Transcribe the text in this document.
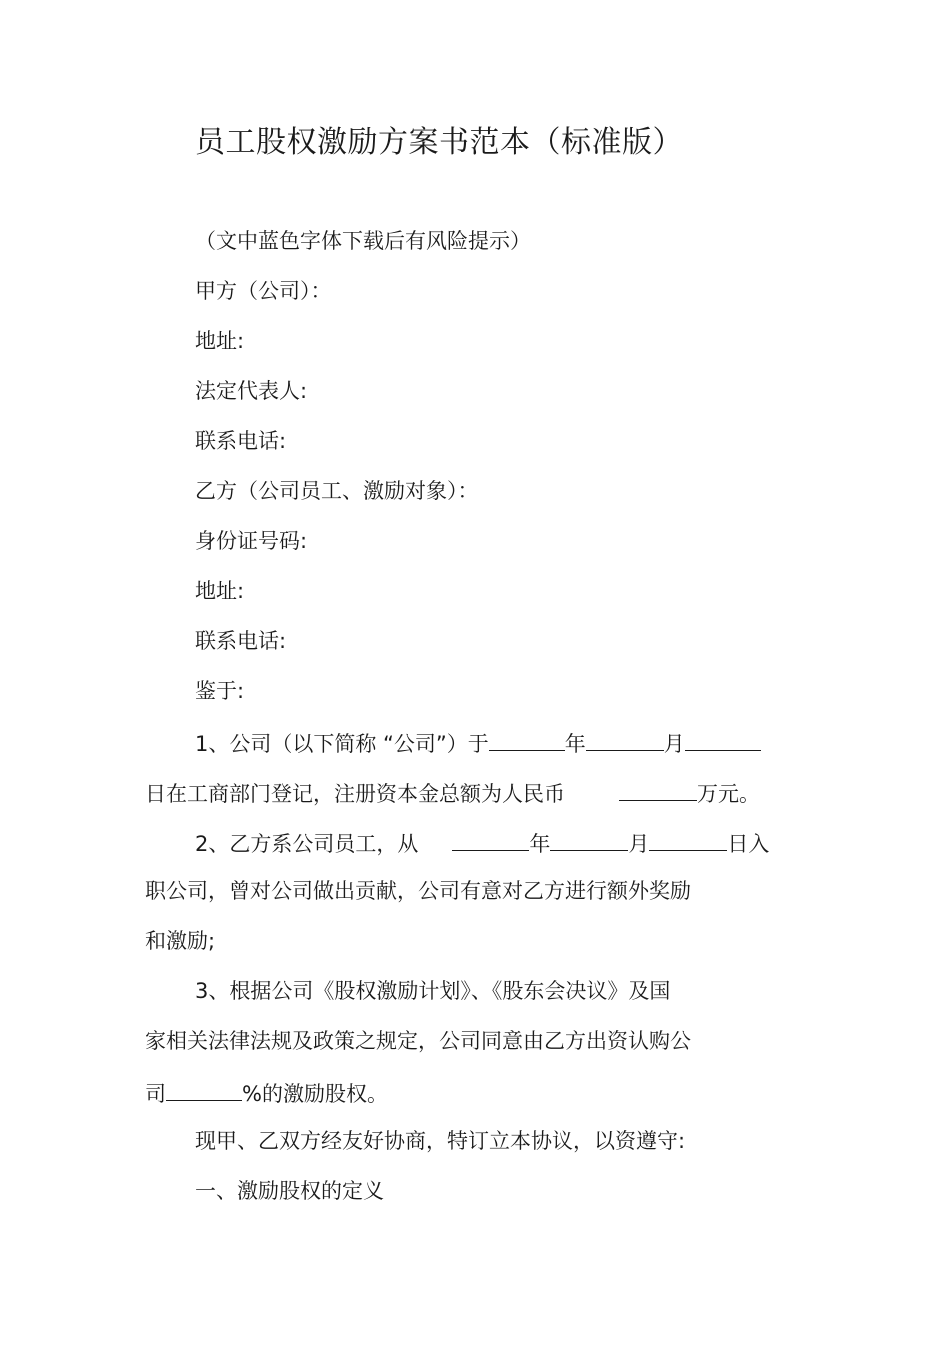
员工股权激励方案书范本（标准版）
（文中蓝色字体下载后有风险提示）
甲方（公司）：
地址:
法定代表人:
联系电话:
乙方（公司员工、激励对象）：
身份证号码:
地址:
联系电话:
鉴于:
1、公司（以下简称 “公司”）于	年	月
日在工商部门登记，注册资本金总额为人民币	万元。
2、乙方系公司员工，从	年	月	日入
职公司，曾对公司做出贡献，公司有意对乙方进行额外奖励
和激励;
3、根据公司《股权激励计划》、《股东会决议》及国
家相关法律法规及政策之规定，公司同意由乙方出资认购公
司	%的激励股权。
现甲、乙双方经友好协商，特订立本协议，以资遵守:
一、激励股权的定义
